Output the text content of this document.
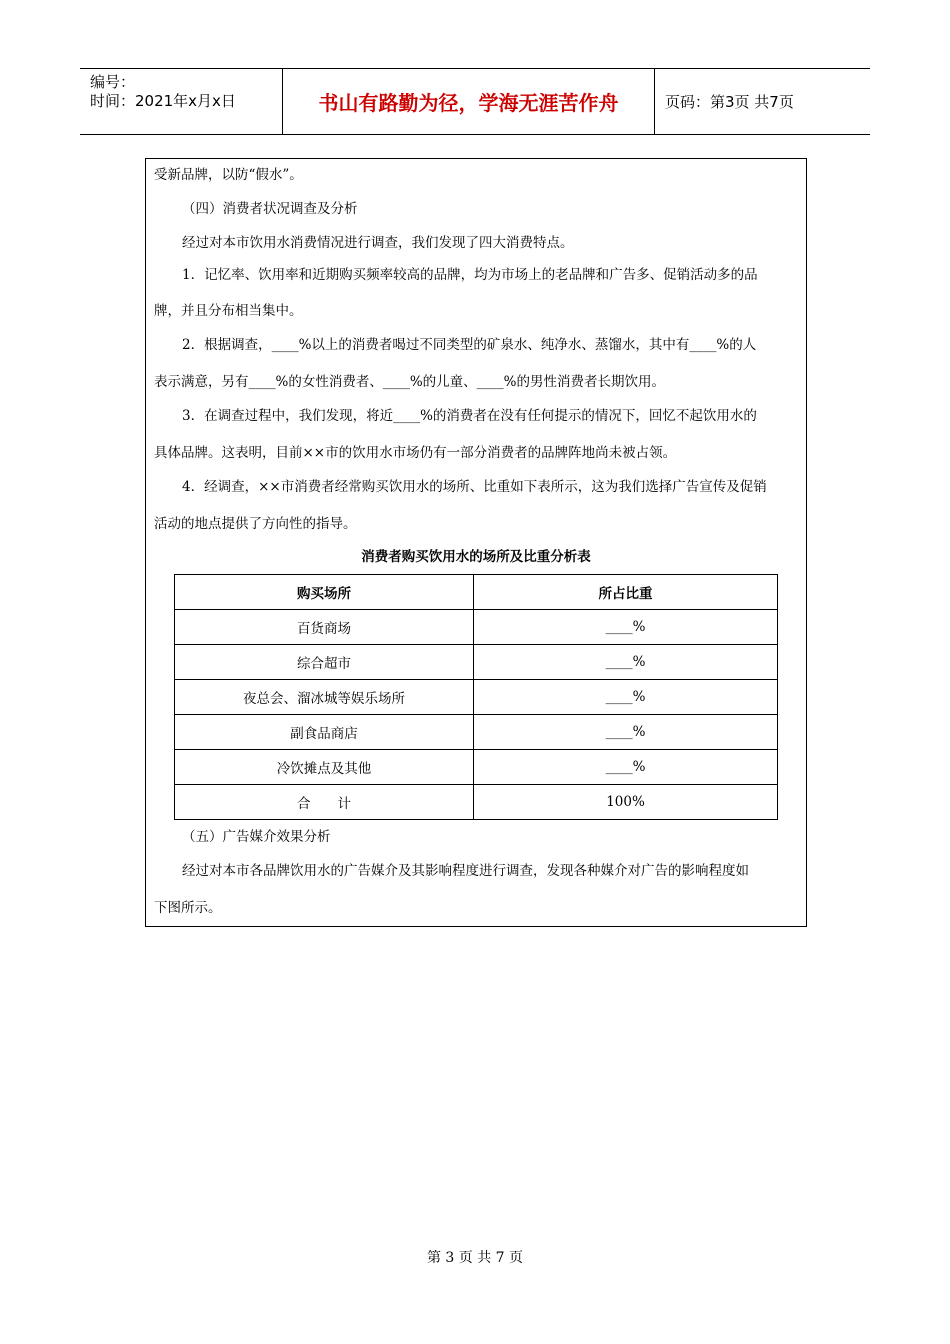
编号：
时间：2021年x月x日	书山有路勤为径，学海无涯苦作舟	页码：第3页 共7页

受新品牌，以防“假水”。

（四）消费者状况调查及分析

经过对本市饮用水消费情况进行调查，我们发现了四大消费特点。

1．记忆率、饮用率和近期购买频率较高的品牌，均为市场上的老品牌和广告多、促销活动多的品

牌，并且分布相当集中。

2．根据调查，____%以上的消费者喝过不同类型的矿泉水、纯净水、蒸馏水，其中有____%的人

表示满意，另有____%的女性消费者、____%的儿童、____%的男性消费者长期饮用。

3．在调查过程中，我们发现，将近____%的消费者在没有任何提示的情况下，回忆不起饮用水的

具体品牌。这表明，目前××市的饮用水市场仍有一部分消费者的品牌阵地尚未被占领。

4．经调查，××市消费者经常购买饮用水的场所、比重如下表所示，这为我们选择广告宣传及促销

活动的地点提供了方向性的指导。

消费者购买饮用水的场所及比重分析表
购买场所	所占比重
百货商场	____%
综合超市	____%
夜总会、溜冰城等娱乐场所	____%
副食品商店	____%
冷饮摊点及其他	____%
合　　计	100%

（五）广告媒介效果分析

经过对本市各品牌饮用水的广告媒介及其影响程度进行调查，发现各种媒介对广告的影响程度如

下图所示。

第 3 页 共 7 页
